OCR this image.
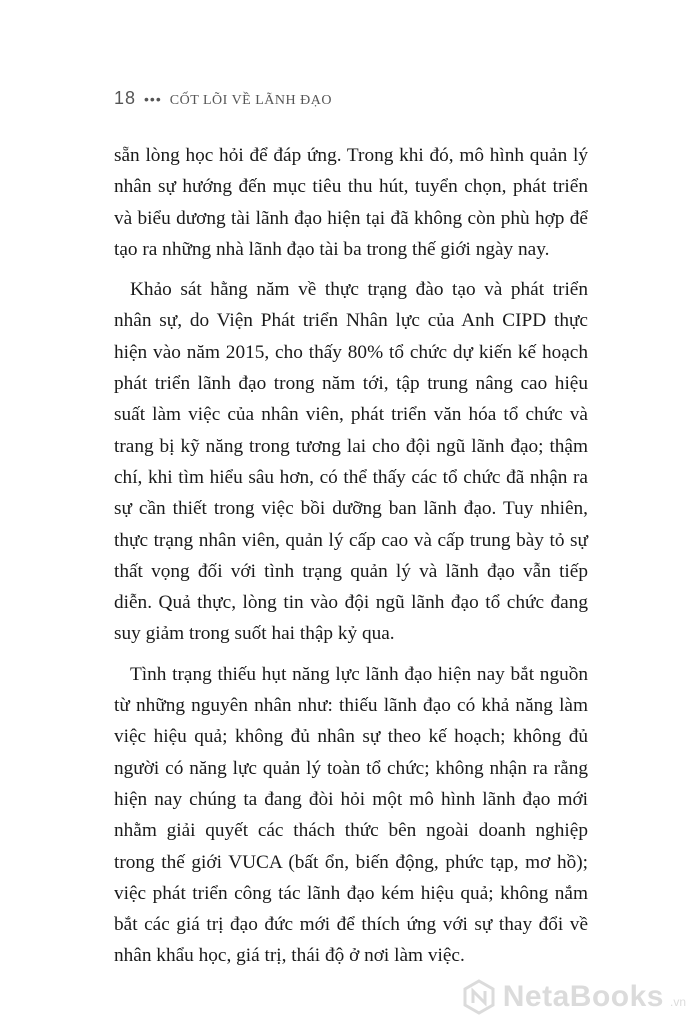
18 ••• CỐT LÕI VỀ LÃNH ĐẠO

sẵn lòng học hỏi để đáp ứng. Trong khi đó, mô hình quản lý nhân sự hướng đến mục tiêu thu hút, tuyển chọn, phát triển và biểu dương tài lãnh đạo hiện tại đã không còn phù hợp để tạo ra những nhà lãnh đạo tài ba trong thế giới ngày nay.

Khảo sát hằng năm về thực trạng đào tạo và phát triển nhân sự, do Viện Phát triển Nhân lực của Anh CIPD thực hiện vào năm 2015, cho thấy 80% tổ chức dự kiến kế hoạch phát triển lãnh đạo trong năm tới, tập trung nâng cao hiệu suất làm việc của nhân viên, phát triển văn hóa tổ chức và trang bị kỹ năng trong tương lai cho đội ngũ lãnh đạo; thậm chí, khi tìm hiểu sâu hơn, có thể thấy các tổ chức đã nhận ra sự cần thiết trong việc bồi dưỡng ban lãnh đạo. Tuy nhiên, thực trạng nhân viên, quản lý cấp cao và cấp trung bày tỏ sự thất vọng đối với tình trạng quản lý và lãnh đạo vẫn tiếp diễn. Quả thực, lòng tin vào đội ngũ lãnh đạo tổ chức đang suy giảm trong suốt hai thập kỷ qua.

Tình trạng thiếu hụt năng lực lãnh đạo hiện nay bắt nguồn từ những nguyên nhân như: thiếu lãnh đạo có khả năng làm việc hiệu quả; không đủ nhân sự theo kế hoạch; không đủ người có năng lực quản lý toàn tổ chức; không nhận ra rằng hiện nay chúng ta đang đòi hỏi một mô hình lãnh đạo mới nhằm giải quyết các thách thức bên ngoài doanh nghiệp trong thế giới VUCA (bất ổn, biến động, phức tạp, mơ hồ); việc phát triển công tác lãnh đạo kém hiệu quả; không nắm bắt các giá trị đạo đức mới để thích ứng với sự thay đổi về nhân khẩu học, giá trị, thái độ ở nơi làm việc.

NetaBooks .vn
